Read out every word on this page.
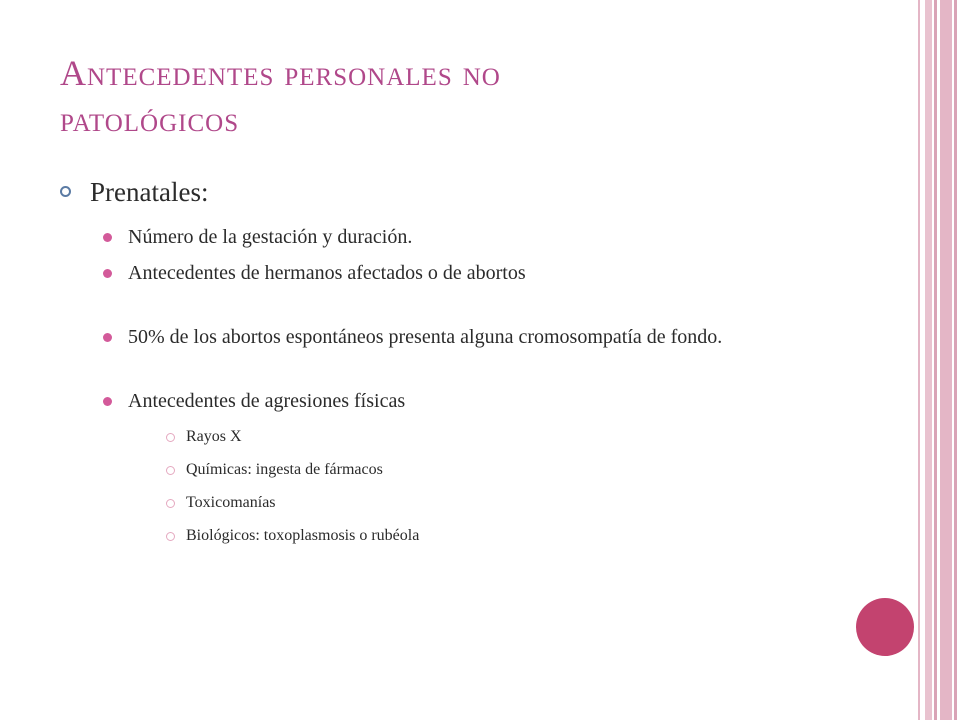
Antecedentes personales no
patológicos
Prenatales:
Número de la gestación y duración.
Antecedentes de hermanos afectados o de abortos
50% de los abortos espontáneos presenta alguna cromosompatía de fondo.
Antecedentes de agresiones físicas
Rayos X
Químicas: ingesta de fármacos
Toxicomanías
Biológicos: toxoplasmosis o rubéola
